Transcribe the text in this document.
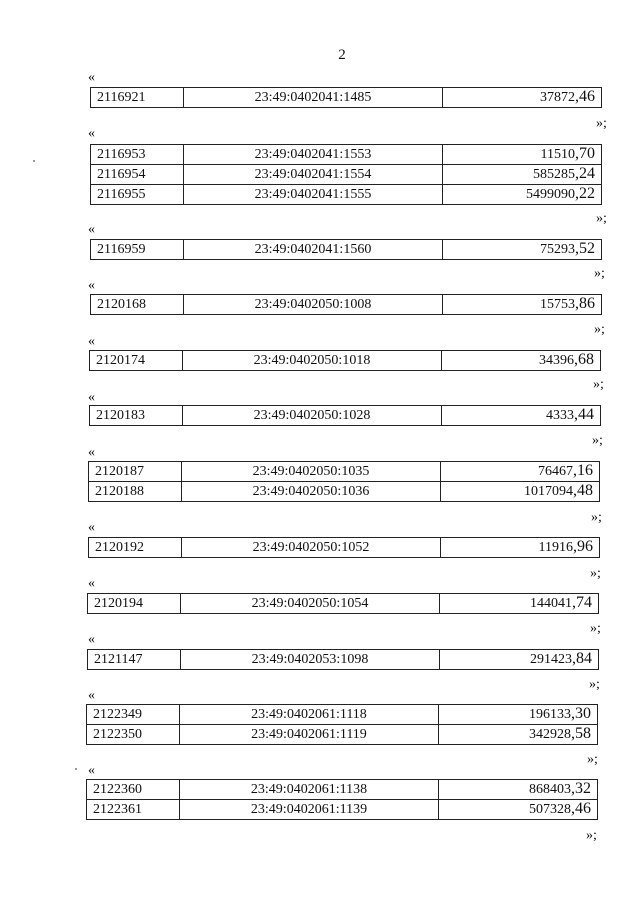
2
«
2116921	23:49:0402041:1485	37872,46
»;
«
2116953	23:49:0402041:1553	11510,70
2116954	23:49:0402041:1554	585285,24
2116955	23:49:0402041:1555	5499090,22
»;
«
2116959	23:49:0402041:1560	75293,52
»;
«
2120168	23:49:0402050:1008	15753,86
»;
«
2120174	23:49:0402050:1018	34396,68
»;
«
2120183	23:49:0402050:1028	4333,44
»;
«
2120187	23:49:0402050:1035	76467,16
2120188	23:49:0402050:1036	1017094,48
»;
«
2120192	23:49:0402050:1052	11916,96
»;
«
2120194	23:49:0402050:1054	144041,74
»;
«
2121147	23:49:0402053:1098	291423,84
»;
«
2122349	23:49:0402061:1118	196133,30
2122350	23:49:0402061:1119	342928,58
»;
«
2122360	23:49:0402061:1138	868403,32
2122361	23:49:0402061:1139	507328,46
»;
